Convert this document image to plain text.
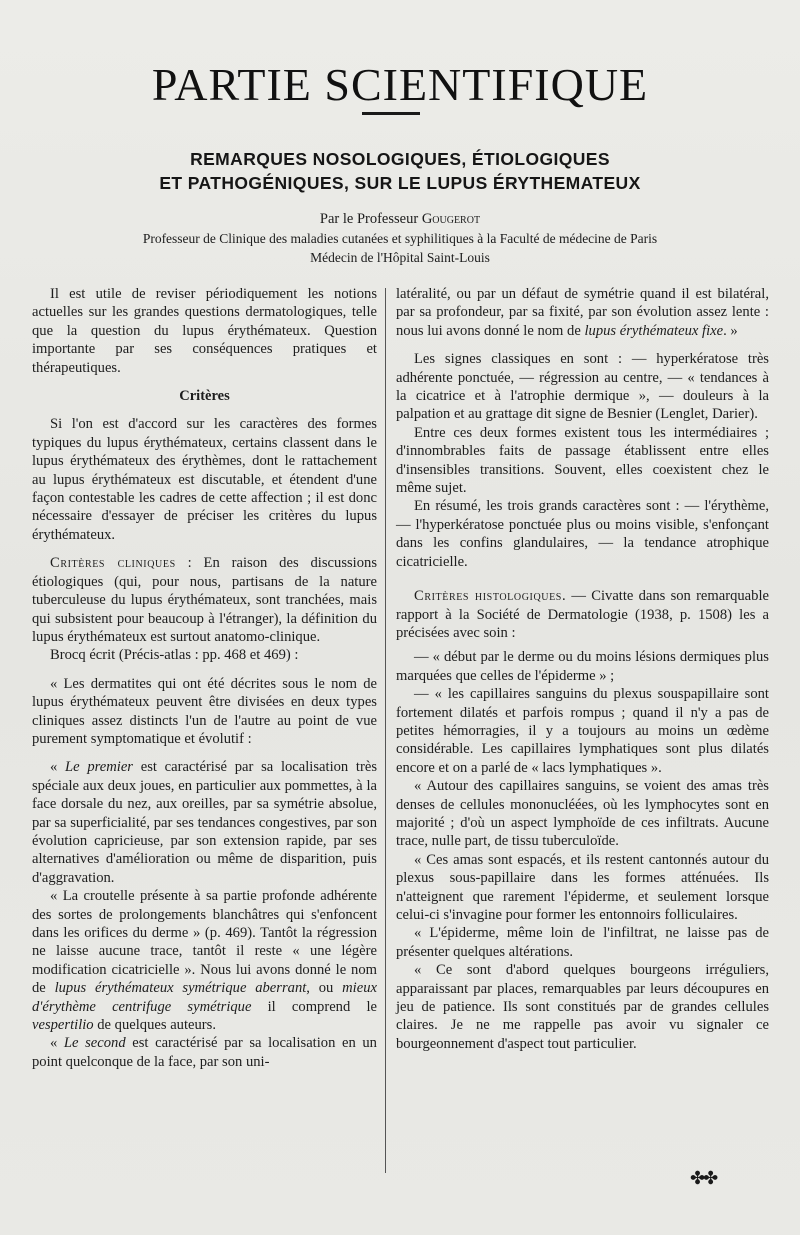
PARTIE SCIENTIFIQUE
REMARQUES NOSOLOGIQUES, ÉTIOLOGIQUES
ET PATHOGÉNIQUES, SUR LE LUPUS ÉRYTHEMATEUX
Par le Professeur Gougerot
Professeur de Clinique des maladies cutanées et syphilitiques à la Faculté de médecine de Paris
Médecin de l'Hôpital Saint-Louis

Il est utile de reviser périodiquement les notions actuelles sur les grandes questions dermatologiques, telle que la question du lupus érythémateux. Question importante par ses conséquences pratiques et thérapeutiques.

Critères

Si l'on est d'accord sur les caractères des formes typiques du lupus érythémateux, certains classent dans le lupus érythémateux des érythèmes, dont le rattachement au lupus érythémateux est discutable, et étendent d'une façon contestable les cadres de cette affection ; il est donc nécessaire d'essayer de préciser les critères du lupus érythémateux.

Critères cliniques : En raison des discussions étiologiques (qui, pour nous, partisans de la nature tuberculeuse du lupus érythémateux, sont tranchées, mais qui subsistent pour beaucoup à l'étranger), la définition du lupus érythémateux est surtout anatomo-clinique.

Brocq écrit (Précis-atlas : pp. 468 et 469) :

« Les dermatites qui ont été décrites sous le nom de lupus érythémateux peuvent être divisées en deux types cliniques assez distincts l'un de l'autre au point de vue purement symptomatique et évolutif :

« Le premier est caractérisé par sa localisation très spéciale aux deux joues, en particulier aux pommettes, à la face dorsale du nez, aux oreilles, par sa symétrie absolue, par sa superficialité, par ses tendances congestives, par son évolution capricieuse, par son extension rapide, par ses alternatives d'amélioration ou même de disparition, puis d'aggravation.

« La croutelle présente à sa partie profonde adhérente des sortes de prolongements blanchâtres qui s'enfoncent dans les orifices du derme » (p. 469). Tantôt la régression ne laisse aucune trace, tantôt il reste « une légère modification cicatricielle ». Nous lui avons donné le nom de lupus érythémateux symétrique aberrant, ou mieux d'érythème centrifuge symétrique il comprend le vespertilio de quelques auteurs.

« Le second est caractérisé par sa localisation en un point quelconque de la face, par son uni-

latéralité, ou par un défaut de symétrie quand il est bilatéral, par sa profondeur, par sa fixité, par son évolution assez lente : nous lui avons donné le nom de lupus érythémateux fixe. »

Les signes classiques en sont : — hyperkératose très adhérente ponctuée, — régression au centre, — « tendances à la cicatrice et à l'atrophie dermique », — douleurs à la palpation et au grattage dit signe de Besnier (Lenglet, Darier).

Entre ces deux formes existent tous les intermédiaires ; d'innombrables faits de passage établissent entre elles d'insensibles transitions. Souvent, elles coexistent chez le même sujet.

En résumé, les trois grands caractères sont : — l'érythème, — l'hyperkératose ponctuée plus ou moins visible, s'enfonçant dans les confins glandulaires, — la tendance atrophique cicatricielle.

Critères histologiques. — Civatte dans son remarquable rapport à la Société de Dermatologie (1938, p. 1508) les a précisées avec soin :

— « début par le derme ou du moins lésions dermiques plus marquées que celles de l'épiderme » ;

— « les capillaires sanguins du plexus souspapillaire sont fortement dilatés et parfois rompus ; quand il n'y a pas de petites hémorragies, il y a toujours au moins un œdème considérable. Les capillaires lymphatiques sont plus dilatés encore et on a parlé de « lacs lymphatiques ».

« Autour des capillaires sanguins, se voient des amas très denses de cellules mononucléées, où les lymphocytes sont en majorité ; d'où un aspect lymphoïde de ces infiltrats. Aucune trace, nulle part, de tissu tuberculoïde.

« Ces amas sont espacés, et ils restent cantonnés autour du plexus sous-papillaire dans les formes atténuées. Ils n'atteignent que rarement l'épiderme, et seulement lorsque celui-ci s'invagine pour former les entonnoirs folliculaires.

« L'épiderme, même loin de l'infiltrat, ne laisse pas de présenter quelques altérations.

« Ce sont d'abord quelques bourgeons irréguliers, apparaissant par places, remarquables par leurs découpures en jeu de patience. Ils sont constitués par de grandes cellules claires. Je ne me rappelle pas avoir vu signaler ce bourgeonnement d'aspect tout particulier.

✤✤
